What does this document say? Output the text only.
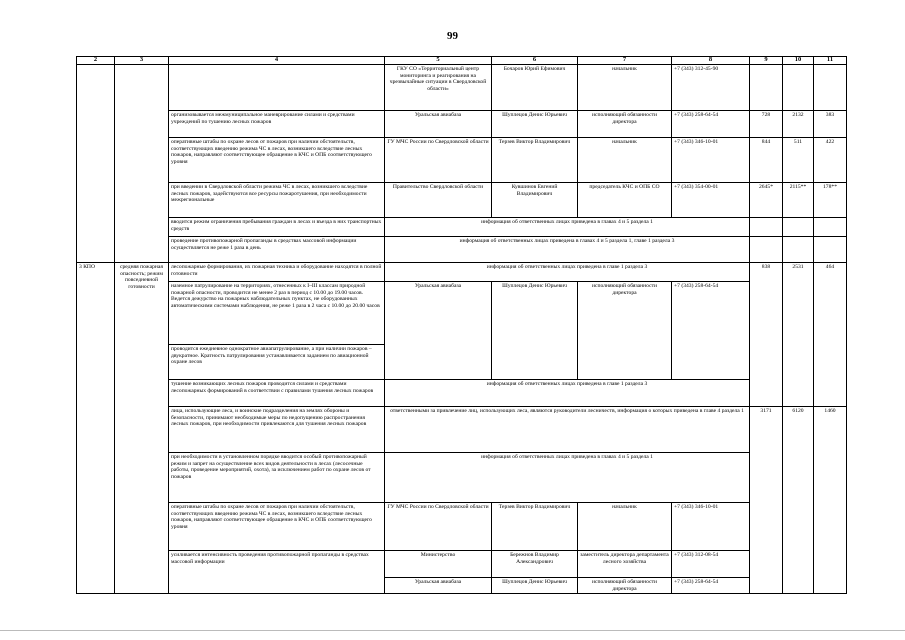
99
2	3	4	5	6	7	8	9	10	11
			ГКУ СО «Территориальный центр мониторинга и реагирования на чрезвычайные ситуации в Свердловской области»	Бочаров Юрий Ефимович	начальник	+7 (343) 312-45-90			
		организовывается межмуниципальное маневрирование силами и средствами учреждений по тушению лесных пожаров	Уральская авиабаза	Шуплецов Денис Юрьевич	исполняющий обязанности директора	+7 (343) 258-64-54	728	2132	383
		оперативные штабы по охране лесов от пожаров при наличии обстоятельств, соответствующих введению режима ЧС в лесах, возникшего вследствие лесных пожаров, направляют соответствующее обращение в КЧС и ОПБ соответствующего уровня	ГУ МЧС России по Свердловской области	Терзев Виктор Владимирович	начальник	+7 (343) 346-10-01	844	511	422
		при введении в Свердловской области режима ЧС в лесах, возникшего вследствие лесных пожаров, задействуются все ресурсы пожаротушения, при необходимости межрегиональные	Правительство Свердловской области	Кувшинов Евгений Владимирович	председатель КЧС и ОПБ СО	+7 (343) 354-00-01	2645*	2115**	178**
		вводится режим ограничения пребывания граждан в лесах и въезда в них транспортных средств	информация об ответственных лицах приведена в главах 4 и 5 раздела 1						
		проведение противопожарной пропаганды в средствах массовой информации осуществляется не реже 1 раза в день	информация об ответственных лицах приведена в главах 4 и 5 раздела 1, главе 1 раздела 3						
3 КПО	средняя пожарная опасность; режим повседневной готовности	лесопожарные формирования, их пожарная техника и оборудование находятся в полной готовности	информация об ответственных лицах приведена в главе 1 раздела 3				838	2531	464
		наземное патрулирование на территориях, отнесенных к I–III классам природной пожарной опасности, проводится не менее 2 раз в период с 10.00 до 19.00 часов. Ведется дежурство на пожарных наблюдательных пунктах, не оборудованных автоматическими системами наблюдения, не реже 1 раза в 2 часа с 10.00 до 20.00 часов	Уральская авиабаза	Шуплецов Денис Юрьевич	исполняющий обязанности директора	+7 (343) 258-64-54			
		проводится ежедневное однократное авиапатрулирование, а при наличии пожаров – двукратное. Кратность патрулирования устанавливается заданием по авиационной охране лесов							
		тушение возникающих лесных пожаров проводится силами и средствами лесопожарных формирований в соответствии с правилами тушения лесных пожаров	информация об ответственных лицах приведена в главе 1 раздела 3						
		лица, использующие леса, и воинские подразделения на землях обороны и безопасности, принимают необходимые меры по недопущению распространения лесных пожаров, при необходимости привлекаются для тушения лесных пожаров	ответственными за привлечение лиц, использующих леса, являются руководители лесничеств, информация о которых приведена в главе 4 раздела 1				3171	6120	1460
		при необходимости в установленном порядке вводится особый противопожарный режим и запрет на осуществление всех видов деятельности в лесах (лесосечные работы, проведение мероприятий, охота), за исключением работ по охране лесов от пожаров	информация об ответственных лицах приведена в главах 4 и 5 раздела 1						
		оперативные штабы по охране лесов от пожаров при наличии обстоятельств, соответствующих введению режима ЧС в лесах, возникшего вследствие лесных пожаров, направляют соответствующее обращение в КЧС и ОПБ соответствующего уровня	ГУ МЧС России по Свердловской области	Терзев Виктор Владимирович	начальник	+7 (343) 346-10-01			
		усиливается интенсивность проведения противопожарной пропаганды в средствах массовой информации	Министерство	Бережнов Владимир Александрович	заместитель директора департамента лесного хозяйства	+7 (343) 312-08-54			
			Уральская авиабаза	Шуплецов Денис Юрьевич	исполняющий обязанности директора	+7 (343) 258-64-54			
